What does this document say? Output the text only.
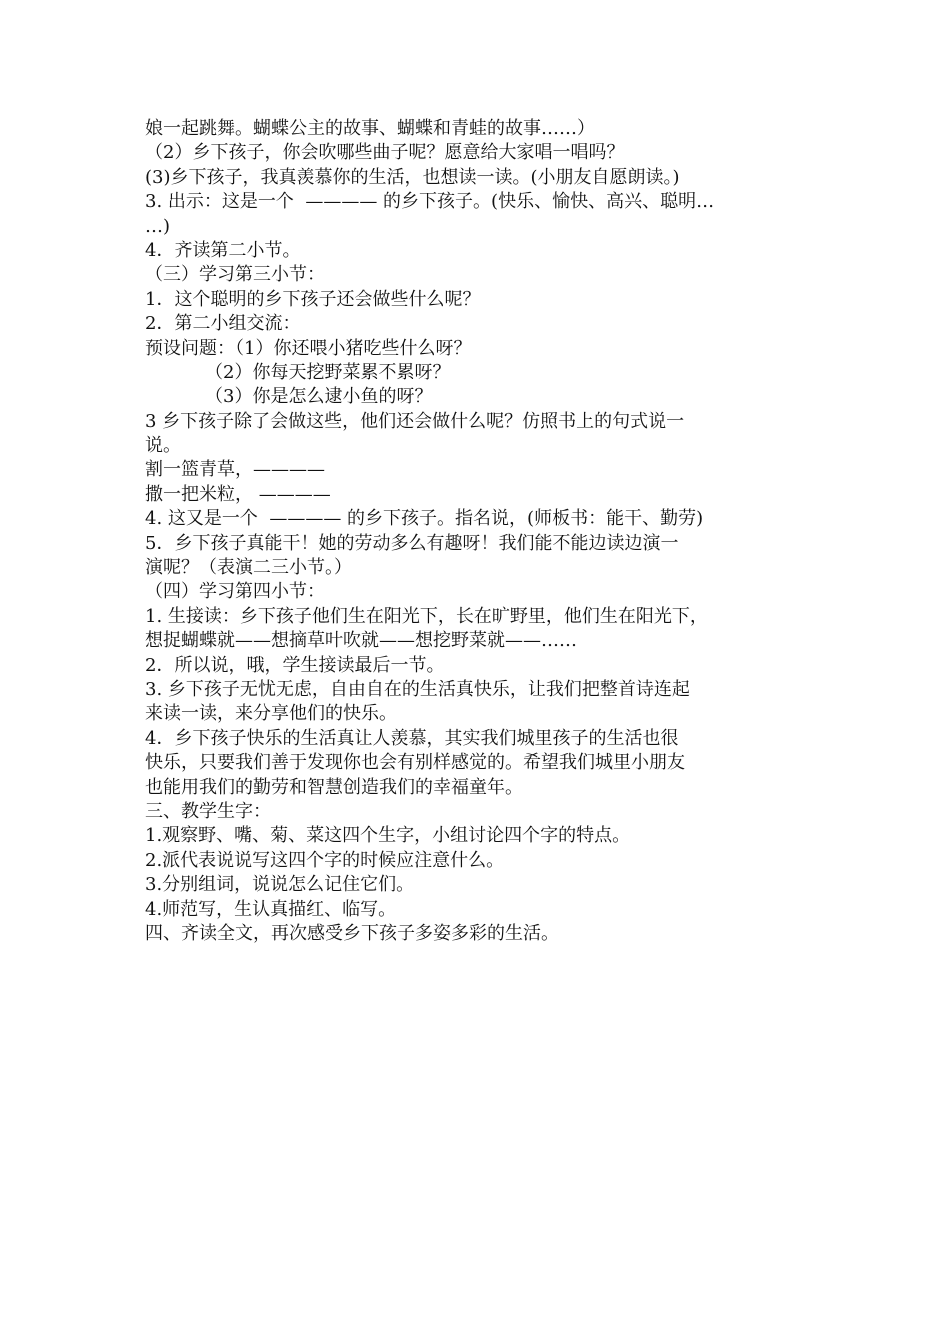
娘一起跳舞。蝴蝶公主的故事、蝴蝶和青蛙的故事……）
（2）乡下孩子，你会吹哪些曲子呢？愿意给大家唱一唱吗？
(3)乡下孩子，我真羡慕你的生活，也想读一读。(小朋友自愿朗读。)
3. 出示：这是一个  ———— 的乡下孩子。(快乐、愉快、高兴、聪明…
…)
4．齐读第二小节。
（三）学习第三小节：
1．这个聪明的乡下孩子还会做些什么呢？
2．第二小组交流：
预设问题：（1）你还喂小猪吃些什么呀？
（2）你每天挖野菜累不累呀？
（3）你是怎么逮小鱼的呀？
3 乡下孩子除了会做这些，他们还会做什么呢？仿照书上的句式说一
说。
割一篮青草，————
撒一把米粒， ————
4. 这又是一个  ———— 的乡下孩子。指名说，(师板书：能干、勤劳)
5．乡下孩子真能干！她的劳动多么有趣呀！我们能不能边读边演一
演呢？（表演二三小节。）
（四）学习第四小节：
1. 生接读：乡下孩子他们生在阳光下，长在旷野里，他们生在阳光下，
想捉蝴蝶就——想摘草叶吹就——想挖野菜就——……
2．所以说，哦，学生接读最后一节。
3. 乡下孩子无忧无虑，自由自在的生活真快乐，让我们把整首诗连起
来读一读，来分享他们的快乐。
4．乡下孩子快乐的生活真让人羡慕，其实我们城里孩子的生活也很
快乐，只要我们善于发现你也会有别样感觉的。希望我们城里小朋友
也能用我们的勤劳和智慧创造我们的幸福童年。
三、教学生字：
1.观察野、嘴、菊、菜这四个生字，小组讨论四个字的特点。
2.派代表说说写这四个字的时候应注意什么。
3.分别组词，说说怎么记住它们。
4.师范写，生认真描红、临写。
四、齐读全文，再次感受乡下孩子多姿多彩的生活。
